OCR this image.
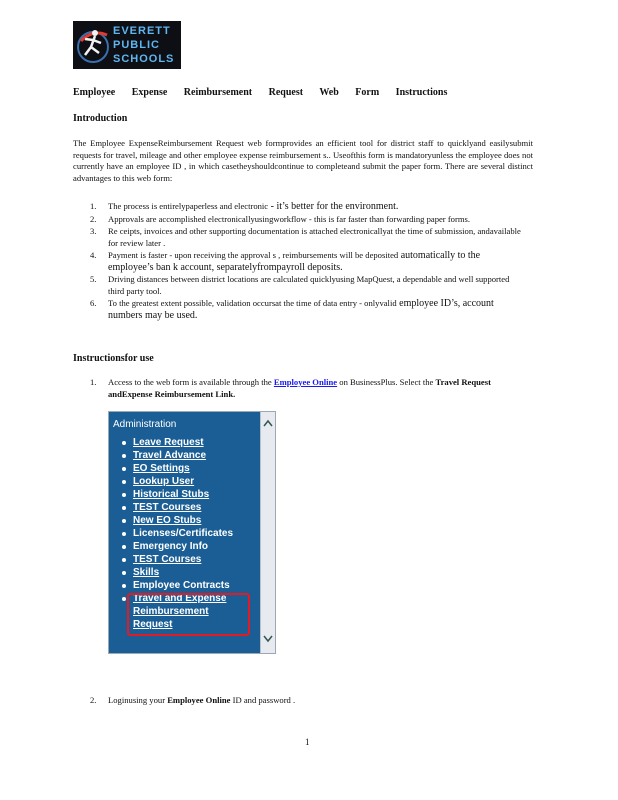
EVERETT
PUBLIC
SCHOOLS
Employee Expense Reimbursement Request Web Form Instructions
Introduction
The Employee ExpenseReimbursement Request web formprovides an efficient tool for district staff to quicklyand easilysubmit requests for travel, mileage and other employee expense reimbursement s.. Useofthis form is mandatoryunless the employee does not currently have an employee ID , in which casetheyshouldcontinue to completeand submit the paper form. There are several distinct advantages to this web form:
1. The process is entirelypaperless and electronic - it’s better for the environment.
2. Approvals are accomplished electronicallyusingworkflow - this is far faster than forwarding paper forms.
3. Re ceipts, invoices and other supporting documentation is attached electronicallyat the time of submission, andavailable for review later .
4. Payment is faster - upon receiving the approval s , reimbursements will be deposited automatically to the employee’s ban k account, separatelyfrompayroll deposits.
5. Driving distances between district locations are calculated quicklyusing MapQuest, a dependable and well supported third party tool.
6. To the greatest extent possible, validation occursat the time of data entry - onlyvalid employee ID’s, account numbers may be used.
Instructionsfor use
1. Access to the web form is available through the Employee Online on BusinessPlus. Select the Travel Request andExpense Reimbursement Link.
Administration
Leave Request
Travel Advance
EO Settings
Lookup User
Historical Stubs
TEST Courses
New EO Stubs
Licenses/Certificates
Emergency Info
TEST Courses
Skills
Employee Contracts
Travel and Expense Reimbursement Request
2. Loginusing your Employee Online ID and password .
1
